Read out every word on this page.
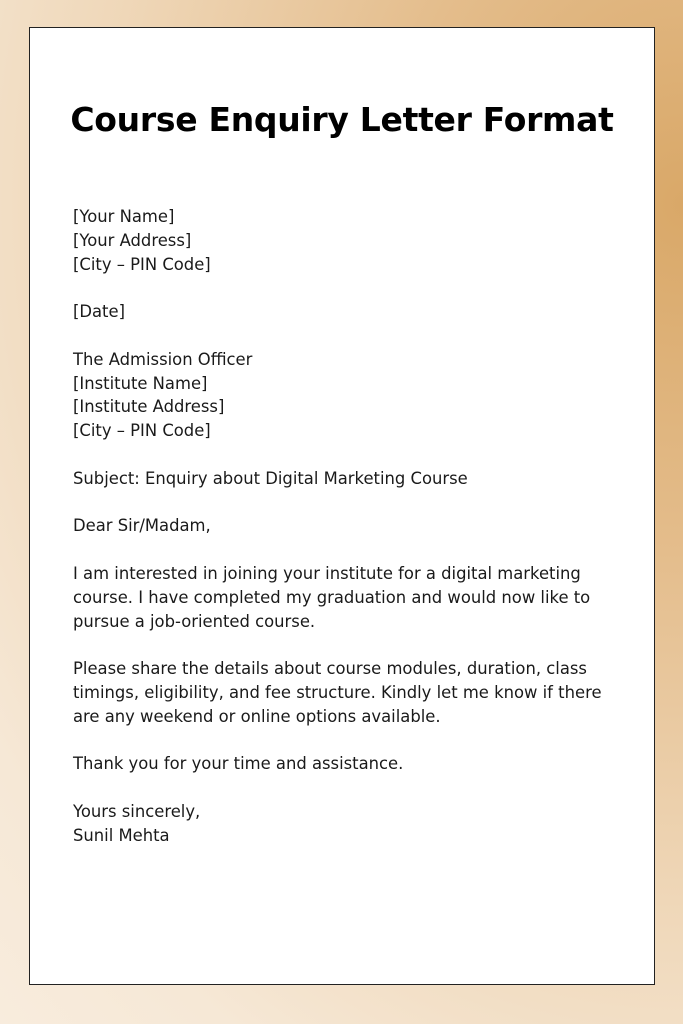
Course Enquiry Letter Format

[Your Name]
[Your Address]
[City – PIN Code]

[Date]

The Admission Officer
[Institute Name]
[Institute Address]
[City – PIN Code]

Subject: Enquiry about Digital Marketing Course

Dear Sir/Madam,

I am interested in joining your institute for a digital marketing
course. I have completed my graduation and would now like to
pursue a job-oriented course.

Please share the details about course modules, duration, class
timings, eligibility, and fee structure. Kindly let me know if there
are any weekend or online options available.

Thank you for your time and assistance.

Yours sincerely,
Sunil Mehta
